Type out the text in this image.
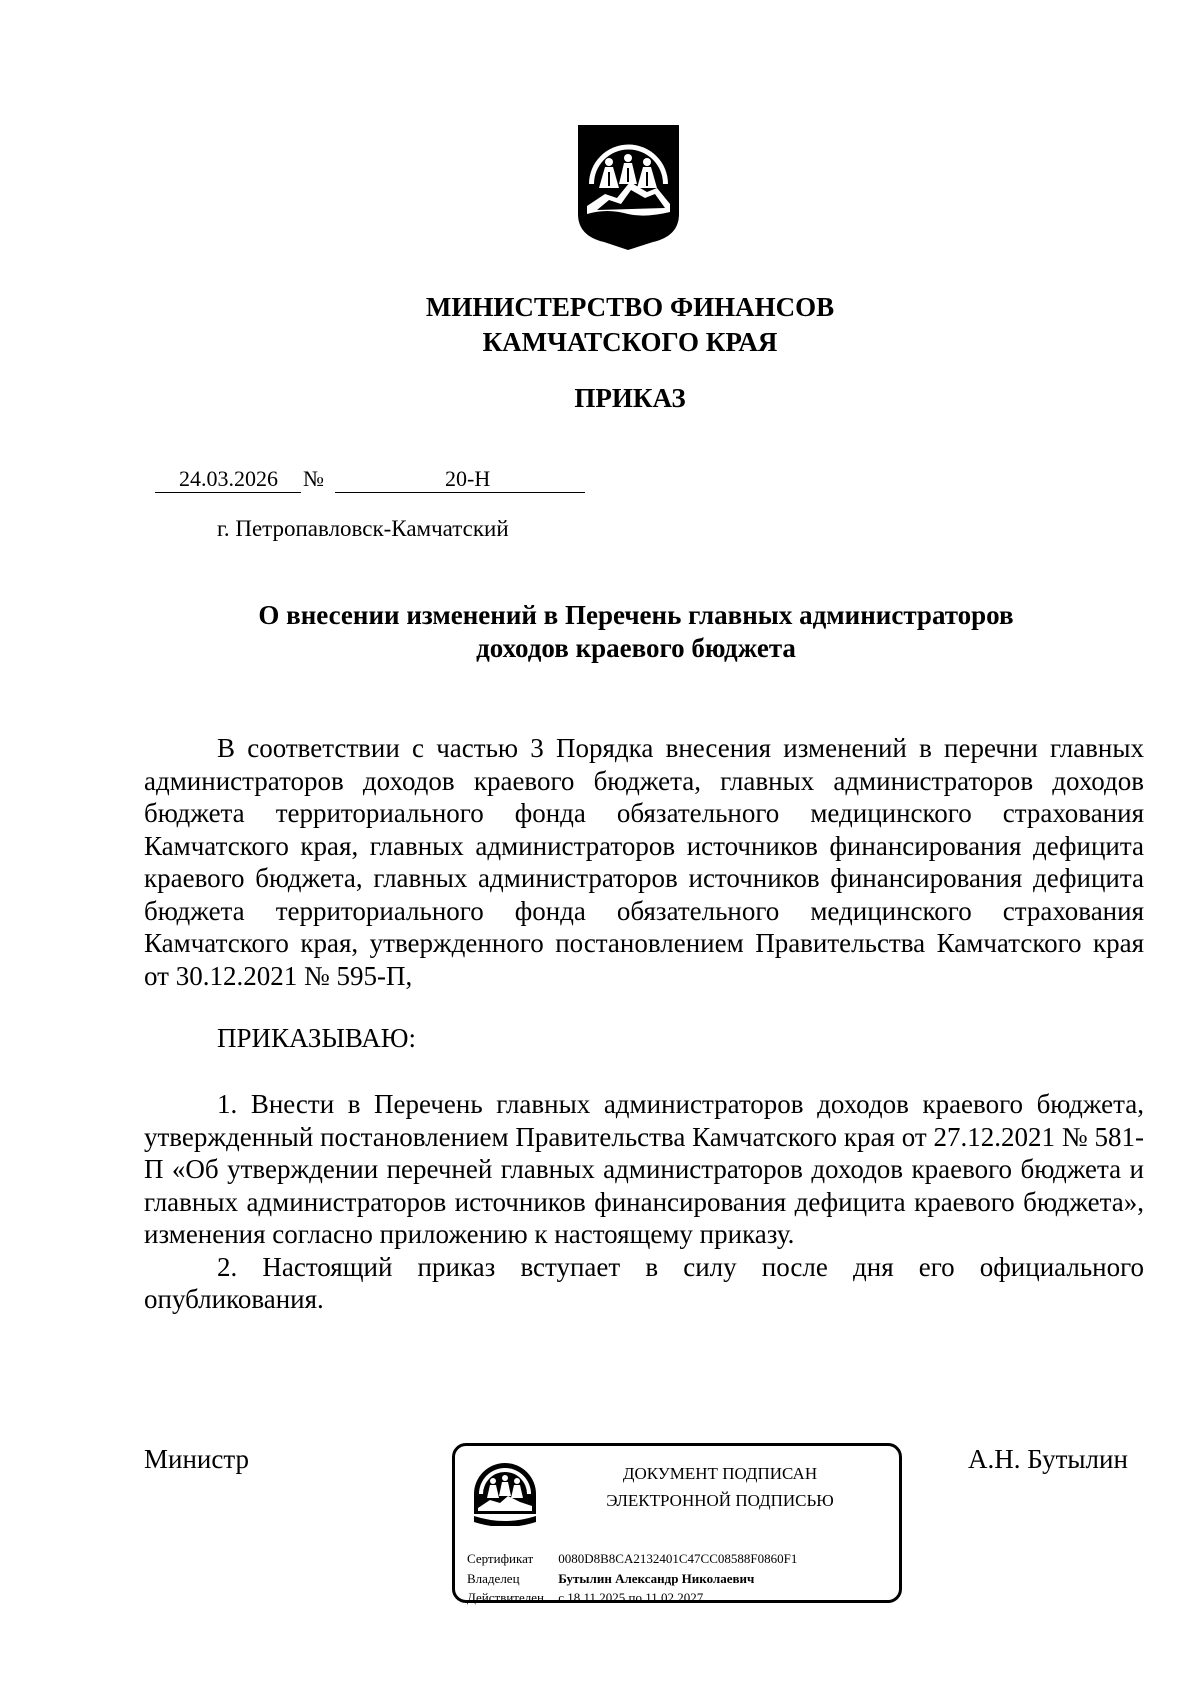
МИНИСТЕРСТВО ФИНАНСОВ
КАМЧАТСКОГО КРАЯ
ПРИКАЗ
24.03.2026 №	20-Н
г. Петропавловск-Камчатский
О внесении изменений в Перечень главных администраторов
доходов краевого бюджета

В соответствии с частью 3 Порядка внесения изменений в перечни главных администраторов доходов краевого бюджета, главных администраторов доходов бюджета территориального фонда обязательного медицинского страхования Камчатского края, главных администраторов источников финансирования дефицита краевого бюджета, главных администраторов источников финансирования дефицита бюджета территориального фонда обязательного медицинского страхования Камчатского края, утвержденного постановлением Правительства Камчатского края от 30.12.2021 № 595-П,

ПРИКАЗЫВАЮ:

1. Внести в Перечень главных администраторов доходов краевого бюджета, утвержденный постановлением Правительства Камчатского края от 27.12.2021 № 581-П «Об утверждении перечней главных администраторов доходов краевого бюджета и главных администраторов источников финансирования дефицита краевого бюджета», изменения согласно приложению к настоящему приказу.

2. Настоящий приказ вступает в силу после дня его официального опубликования.

Министр	ДОКУМЕНТ ПОДПИСАН
ЭЛЕКТРОННОЙ ПОДПИСЬЮ
Сертификат 0080D8B8CA2132401C47CC08588F0860F1
Владелец	Бутылин Александр Николаевич
Действителен с 18.11.2025 по 11.02.2027
А.Н. Бутылин
